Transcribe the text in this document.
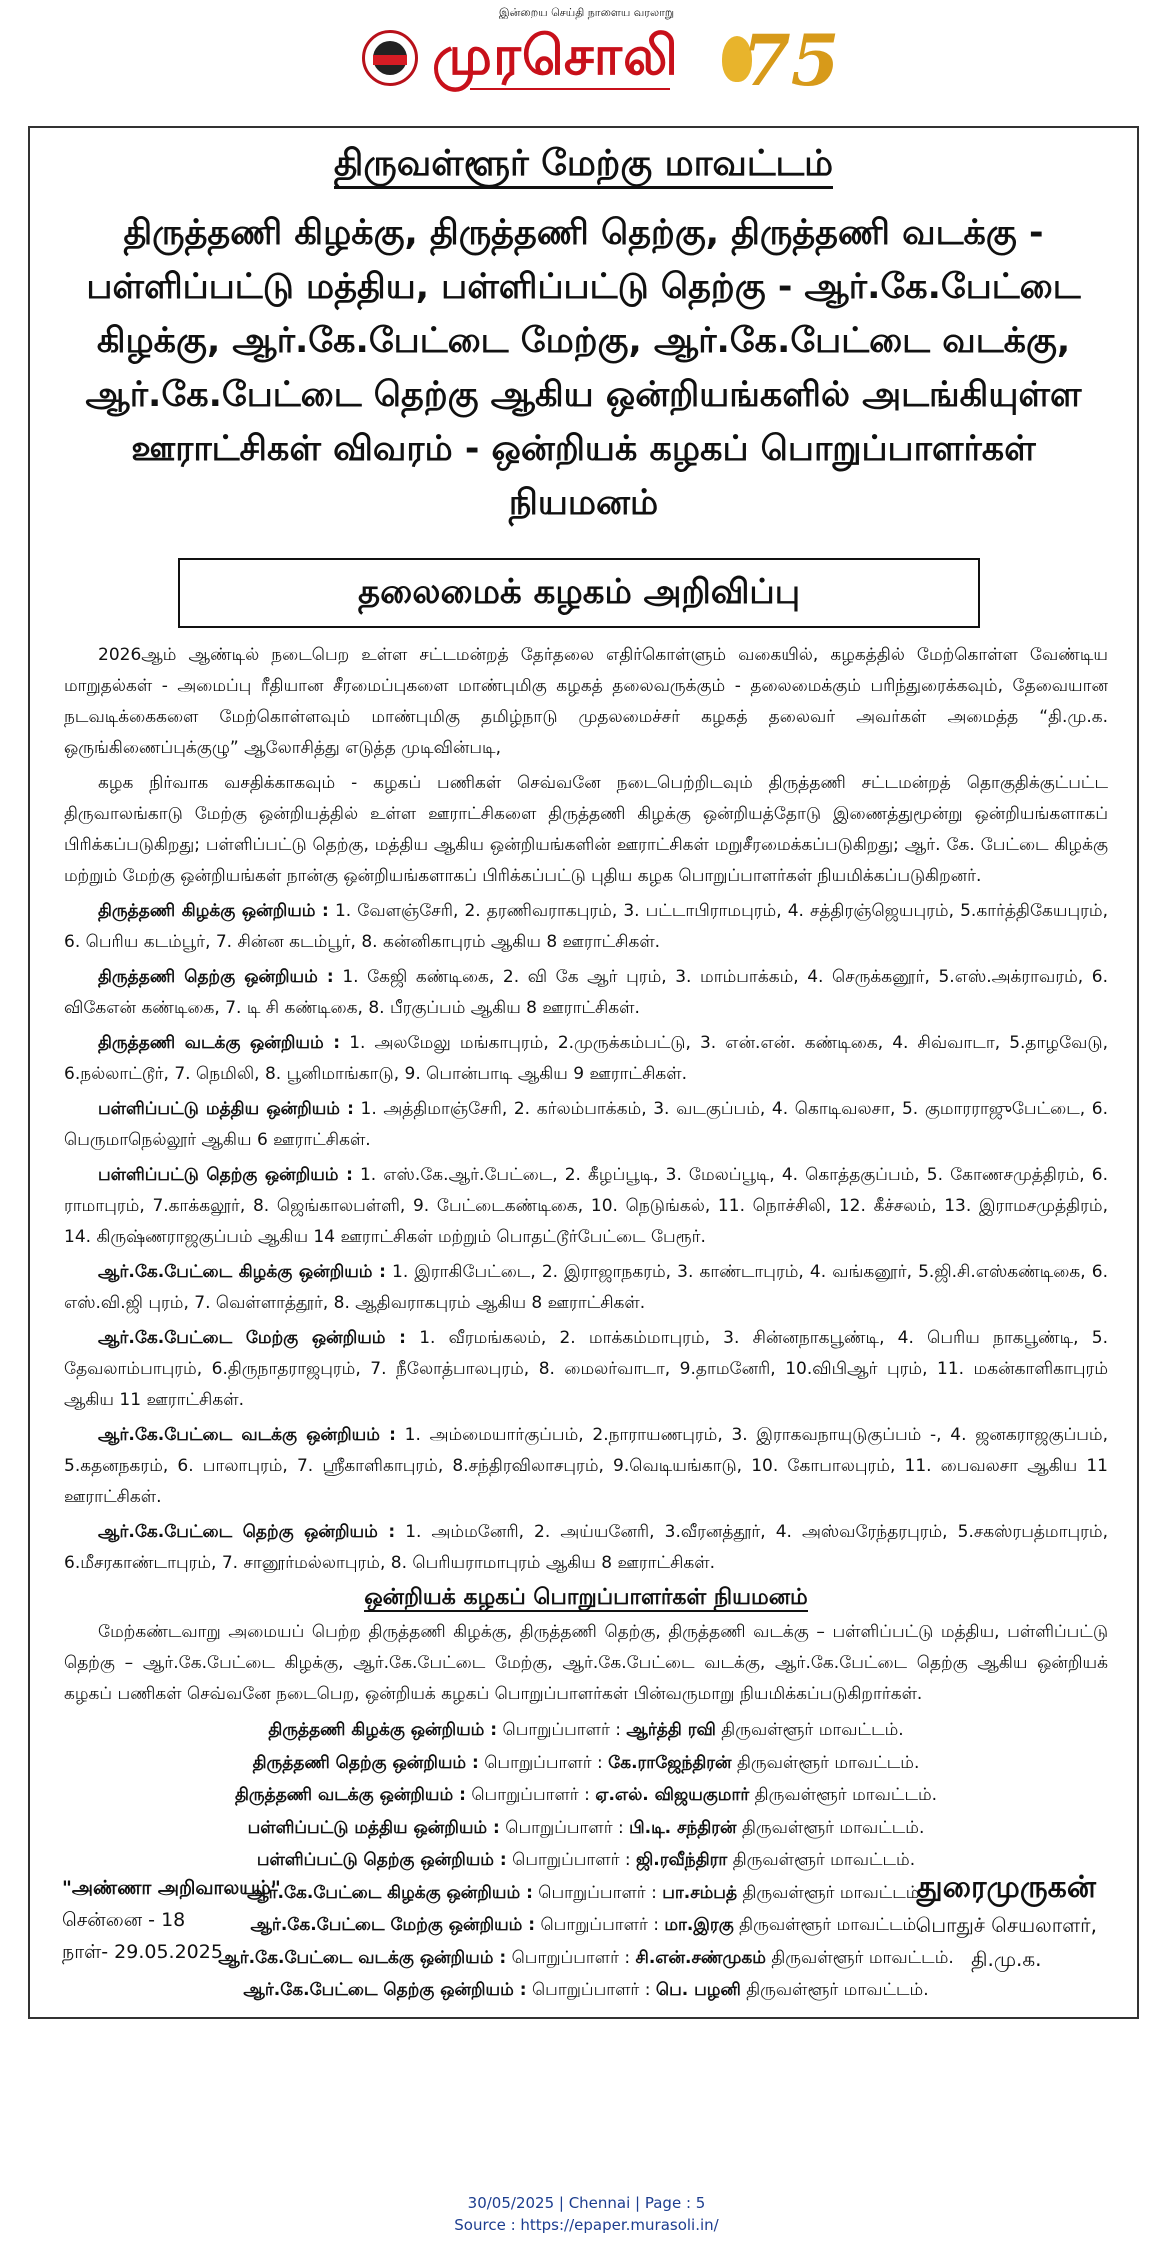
இன்றைய செய்தி நாளைய வரலாறு
முரசொலி 75
திருவள்ளூர் மேற்கு மாவட்டம்
திருத்தணி கிழக்கு, திருத்தணி தெற்கு, திருத்தணி வடக்கு - பள்ளிப்பட்டு மத்திய, பள்ளிப்பட்டு தெற்கு - ஆர்.கே.பேட்டை கிழக்கு, ஆர்.கே.பேட்டை மேற்கு, ஆர்.கே.பேட்டை வடக்கு, ஆர்.கே.பேட்டை தெற்கு ஆகிய ஒன்றியங்களில் அடங்கியுள்ள ஊராட்சிகள் விவரம் - ஒன்றியக் கழகப் பொறுப்பாளர்கள் நியமனம்
தலைமைக் கழகம் அறிவிப்பு

2026ஆம் ஆண்டில் நடைபெற உள்ள சட்டமன்றத் தேர்தலை எதிர்கொள்ளும் வகையில், கழகத்தில் மேற்கொள்ள வேண்டிய மாறுதல்கள் - அமைப்பு ரீதியான சீரமைப்புகளை மாண்புமிகு கழகத் தலைவருக்கும் - தலைமைக்கும் பரிந்துரைக்கவும், தேவையான நடவடிக்கைகளை மேற்கொள்ளவும் மாண்புமிகு தமிழ்நாடு முதலமைச்சர் கழகத் தலைவர் அவர்கள் அமைத்த “தி.மு.க. ஒருங்கிணைப்புக்குழு” ஆலோசித்து எடுத்த முடிவின்படி,

கழக நிர்வாக வசதிக்காகவும் - கழகப் பணிகள் செவ்வனே நடைபெற்றிடவும் திருத்தணி சட்டமன்றத் தொகுதிக்குட்பட்ட திருவாலங்காடு மேற்கு ஒன்றியத்தில் உள்ள ஊராட்சிகளை திருத்தணி கிழக்கு ஒன்றியத்தோடு இணைத்துமூன்று ஒன்றியங்களாகப் பிரிக்கப்படுகிறது; பள்ளிப்பட்டு தெற்கு, மத்திய ஆகிய ஒன்றியங்களின் ஊராட்சிகள் மறுசீரமைக்கப்படுகிறது; ஆர். கே. பேட்டை கிழக்கு மற்றும் மேற்கு ஒன்றியங்கள் நான்கு ஒன்றியங்களாகப் பிரிக்கப்பட்டு புதிய கழக பொறுப்பாளர்கள் நியமிக்கப்படுகிறனர்.

திருத்தணி கிழக்கு ஒன்றியம் : 1. வேளஞ்சேரி, 2. தரணிவராகபுரம், 3. பட்டாபிராமபுரம், 4. சத்திரஞ்ஜெயபுரம், 5.கார்த்திகேயபுரம், 6. பெரிய கடம்பூர், 7. சின்ன கடம்பூர், 8. கன்னிகாபுரம் ஆகிய 8 ஊராட்சிகள்.

திருத்தணி தெற்கு ஒன்றியம் : 1. கேஜி கண்டிகை, 2. வி கே ஆர் புரம், 3. மாம்பாக்கம், 4. செருக்கனூர், 5.எஸ்.அக்ராவரம், 6. விகேஎன் கண்டிகை, 7. டி சி கண்டிகை, 8. பீரகுப்பம் ஆகிய 8 ஊராட்சிகள்.

திருத்தணி வடக்கு ஒன்றியம் : 1. அலமேலு மங்காபுரம், 2.முருக்கம்பட்டு, 3. என்.என். கண்டிகை, 4. சிவ்வாடா, 5.தாழவேடு, 6.நல்லாட்டூர், 7. நெமிலி, 8. பூனிமாங்காடு, 9. பொன்பாடி ஆகிய 9 ஊராட்சிகள்.

பள்ளிப்பட்டு மத்திய ஒன்றியம் : 1. அத்திமாஞ்சேரி, 2. கர்லம்பாக்கம், 3. வடகுப்பம், 4. கொடிவலசா, 5. குமாரராஜுபேட்டை, 6. பெருமாநெல்லூர் ஆகிய 6 ஊராட்சிகள்.

பள்ளிப்பட்டு தெற்கு ஒன்றியம் : 1. எஸ்.கே.ஆர்.பேட்டை, 2. கீழப்பூடி, 3. மேலப்பூடி, 4. கொத்தகுப்பம், 5. கோணசமுத்திரம், 6. ராமாபுரம், 7.காக்கலூர், 8. ஜெங்காலபள்ளி, 9. பேட்டைகண்டிகை, 10. நெடுங்கல், 11. நொச்சிலி, 12. கீச்சலம், 13. இராமசமுத்திரம், 14. கிருஷ்ணராஜகுப்பம் ஆகிய 14 ஊராட்சிகள் மற்றும் பொதட்டூர்பேட்டை பேரூர்.

ஆர்.கே.பேட்டை கிழக்கு ஒன்றியம் : 1. இராகிபேட்டை, 2. இராஜாநகரம், 3. காண்டாபுரம், 4. வங்கனூர், 5.ஜி.சி.எஸ்கண்டிகை, 6. எஸ்.வி.ஜி புரம், 7. வெள்ளாத்தூர், 8. ஆதிவராகபுரம் ஆகிய 8 ஊராட்சிகள்.

ஆர்.கே.பேட்டை மேற்கு ஒன்றியம் : 1. வீரமங்கலம், 2. மாக்கம்மாபுரம், 3. சின்னநாகபூண்டி, 4. பெரிய நாகபூண்டி, 5. தேவலாம்பாபுரம், 6.திருநாதராஜபுரம், 7. நீலோத்பாலபுரம், 8. மைலர்வாடா, 9.தாமனேரி, 10.விபிஆர் புரம், 11. மகன்காளிகாபுரம் ஆகிய 11 ஊராட்சிகள்.

ஆர்.கே.பேட்டை வடக்கு ஒன்றியம் : 1. அம்மையார்குப்பம், 2.நாராயணபுரம், 3. இராகவநாயுடுகுப்பம் -, 4. ஜனகராஜகுப்பம், 5.கதனநகரம், 6. பாலாபுரம், 7. ஸ்ரீகாளிகாபுரம், 8.சந்திரவிலாசபுரம், 9.வெடியங்காடு, 10. கோபாலபுரம், 11. பைவலசா ஆகிய 11 ஊராட்சிகள்.

ஆர்.கே.பேட்டை தெற்கு ஒன்றியம் : 1. அம்மனேரி, 2. அய்யனேரி, 3.வீரனத்தூர், 4. அஸ்வரேந்தரபுரம், 5.சகஸ்ரபத்மாபுரம், 6.மீசரகாண்டாபுரம், 7. சானூர்மல்லாபுரம், 8. பெரியராமாபுரம் ஆகிய 8 ஊராட்சிகள்.

ஒன்றியக் கழகப் பொறுப்பாளர்கள் நியமனம்

மேற்கண்டவாறு அமையப் பெற்ற திருத்தணி கிழக்கு, திருத்தணி தெற்கு, திருத்தணி வடக்கு – பள்ளிப்பட்டு மத்திய, பள்ளிப்பட்டு தெற்கு – ஆர்.கே.பேட்டை கிழக்கு, ஆர்.கே.பேட்டை மேற்கு, ஆர்.கே.பேட்டை வடக்கு, ஆர்.கே.பேட்டை தெற்கு ஆகிய ஒன்றியக் கழகப் பணிகள் செவ்வனே நடைபெற, ஒன்றியக் கழகப் பொறுப்பாளர்கள் பின்வருமாறு நியமிக்கப்படுகிறார்கள்.

திருத்தணி கிழக்கு ஒன்றியம் : பொறுப்பாளர் : ஆர்த்தி ரவி திருவள்ளூர் மாவட்டம்.
திருத்தணி தெற்கு ஒன்றியம் : பொறுப்பாளர் : கே.ராஜேந்திரன் திருவள்ளூர் மாவட்டம்.
திருத்தணி வடக்கு ஒன்றியம் : பொறுப்பாளர் : ஏ.எல். விஜயகுமார் திருவள்ளூர் மாவட்டம்.
பள்ளிப்பட்டு மத்திய ஒன்றியம் : பொறுப்பாளர் : பி.டி. சந்திரன் திருவள்ளூர் மாவட்டம்.
பள்ளிப்பட்டு தெற்கு ஒன்றியம் : பொறுப்பாளர் : ஜி.ரவீந்திரா திருவள்ளூர் மாவட்டம்.
ஆர்.கே.பேட்டை கிழக்கு ஒன்றியம் : பொறுப்பாளர் : பா.சம்பத் திருவள்ளூர் மாவட்டம்.
ஆர்.கே.பேட்டை மேற்கு ஒன்றியம் : பொறுப்பாளர் : மா.இரகு திருவள்ளூர் மாவட்டம்.
ஆர்.கே.பேட்டை வடக்கு ஒன்றியம் : பொறுப்பாளர் : சி.என்.சண்முகம் திருவள்ளூர் மாவட்டம்.
ஆர்.கே.பேட்டை தெற்கு ஒன்றியம் : பொறுப்பாளர் : பெ. பழனி திருவள்ளூர் மாவட்டம்.
"அண்ணா அறிவாலயம்"
சென்னை - 18
நாள்- 29.05.2025
துரைமுருகன்
பொதுச் செயலாளர்,
தி.மு.க.
30/05/2025 | Chennai | Page : 5
Source : https://epaper.murasoli.in/
